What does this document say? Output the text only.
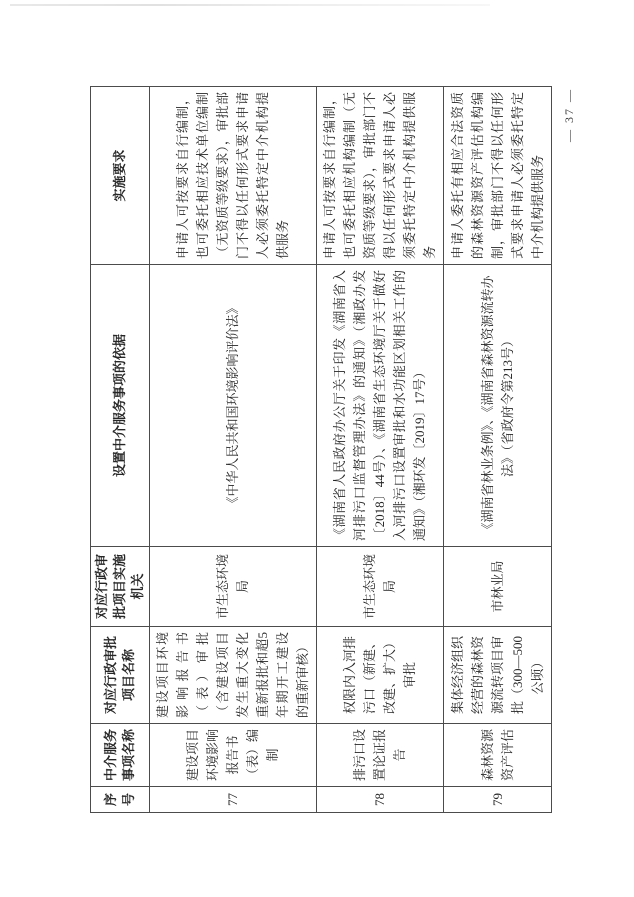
序号	中介服务事项名称	对应行政审批项目名称	对应行政审批项目实施机关	设置中介服务事项的依据	实施要求
77	建设项目环境影响报告书（表）编制	建设项目环境影响报告书（表）审批（含建设项目发生重大变化重新报批和超5年期开工建设的重新审核）	市生态环境局	《中华人民共和国环境影响评价法》	申请人可按要求自行编制，也可委托相应技术单位编制（无资质等级要求），审批部门不得以任何形式要求申请人必须委托特定中介机构提供服务
78	排污口设置论证报告	权限内入河排污口（新建、改建、扩大）审批	市生态环境局	《湖南省人民政府办公厅关于印发《湖南省入河排污口监督管理办法》的通知》（湘政办发〔2018〕44号）、《湖南省生态环境厅关于做好入河排污口设置审批和水功能区划相关工作的通知》（湘环发〔2019〕17号）	申请人可按要求自行编制，也可委托相应机构编制（无资质等级要求），审批部门不得以任何形式要求申请人必须委托特定中介机构提供服务
79	森林资源资产评估	集体经济组织经营的森林资源流转项目审批（300—500公顷）	市林业局	《湖南省林业条例》、《湖南省森林资源流转办法》（省政府令第213号）	申请人委托有相应合法资质的森林资源资产评估机构编制，审批部门不得以任何形式要求申请人必须委托特定中介机构提供服务
— 37 —
